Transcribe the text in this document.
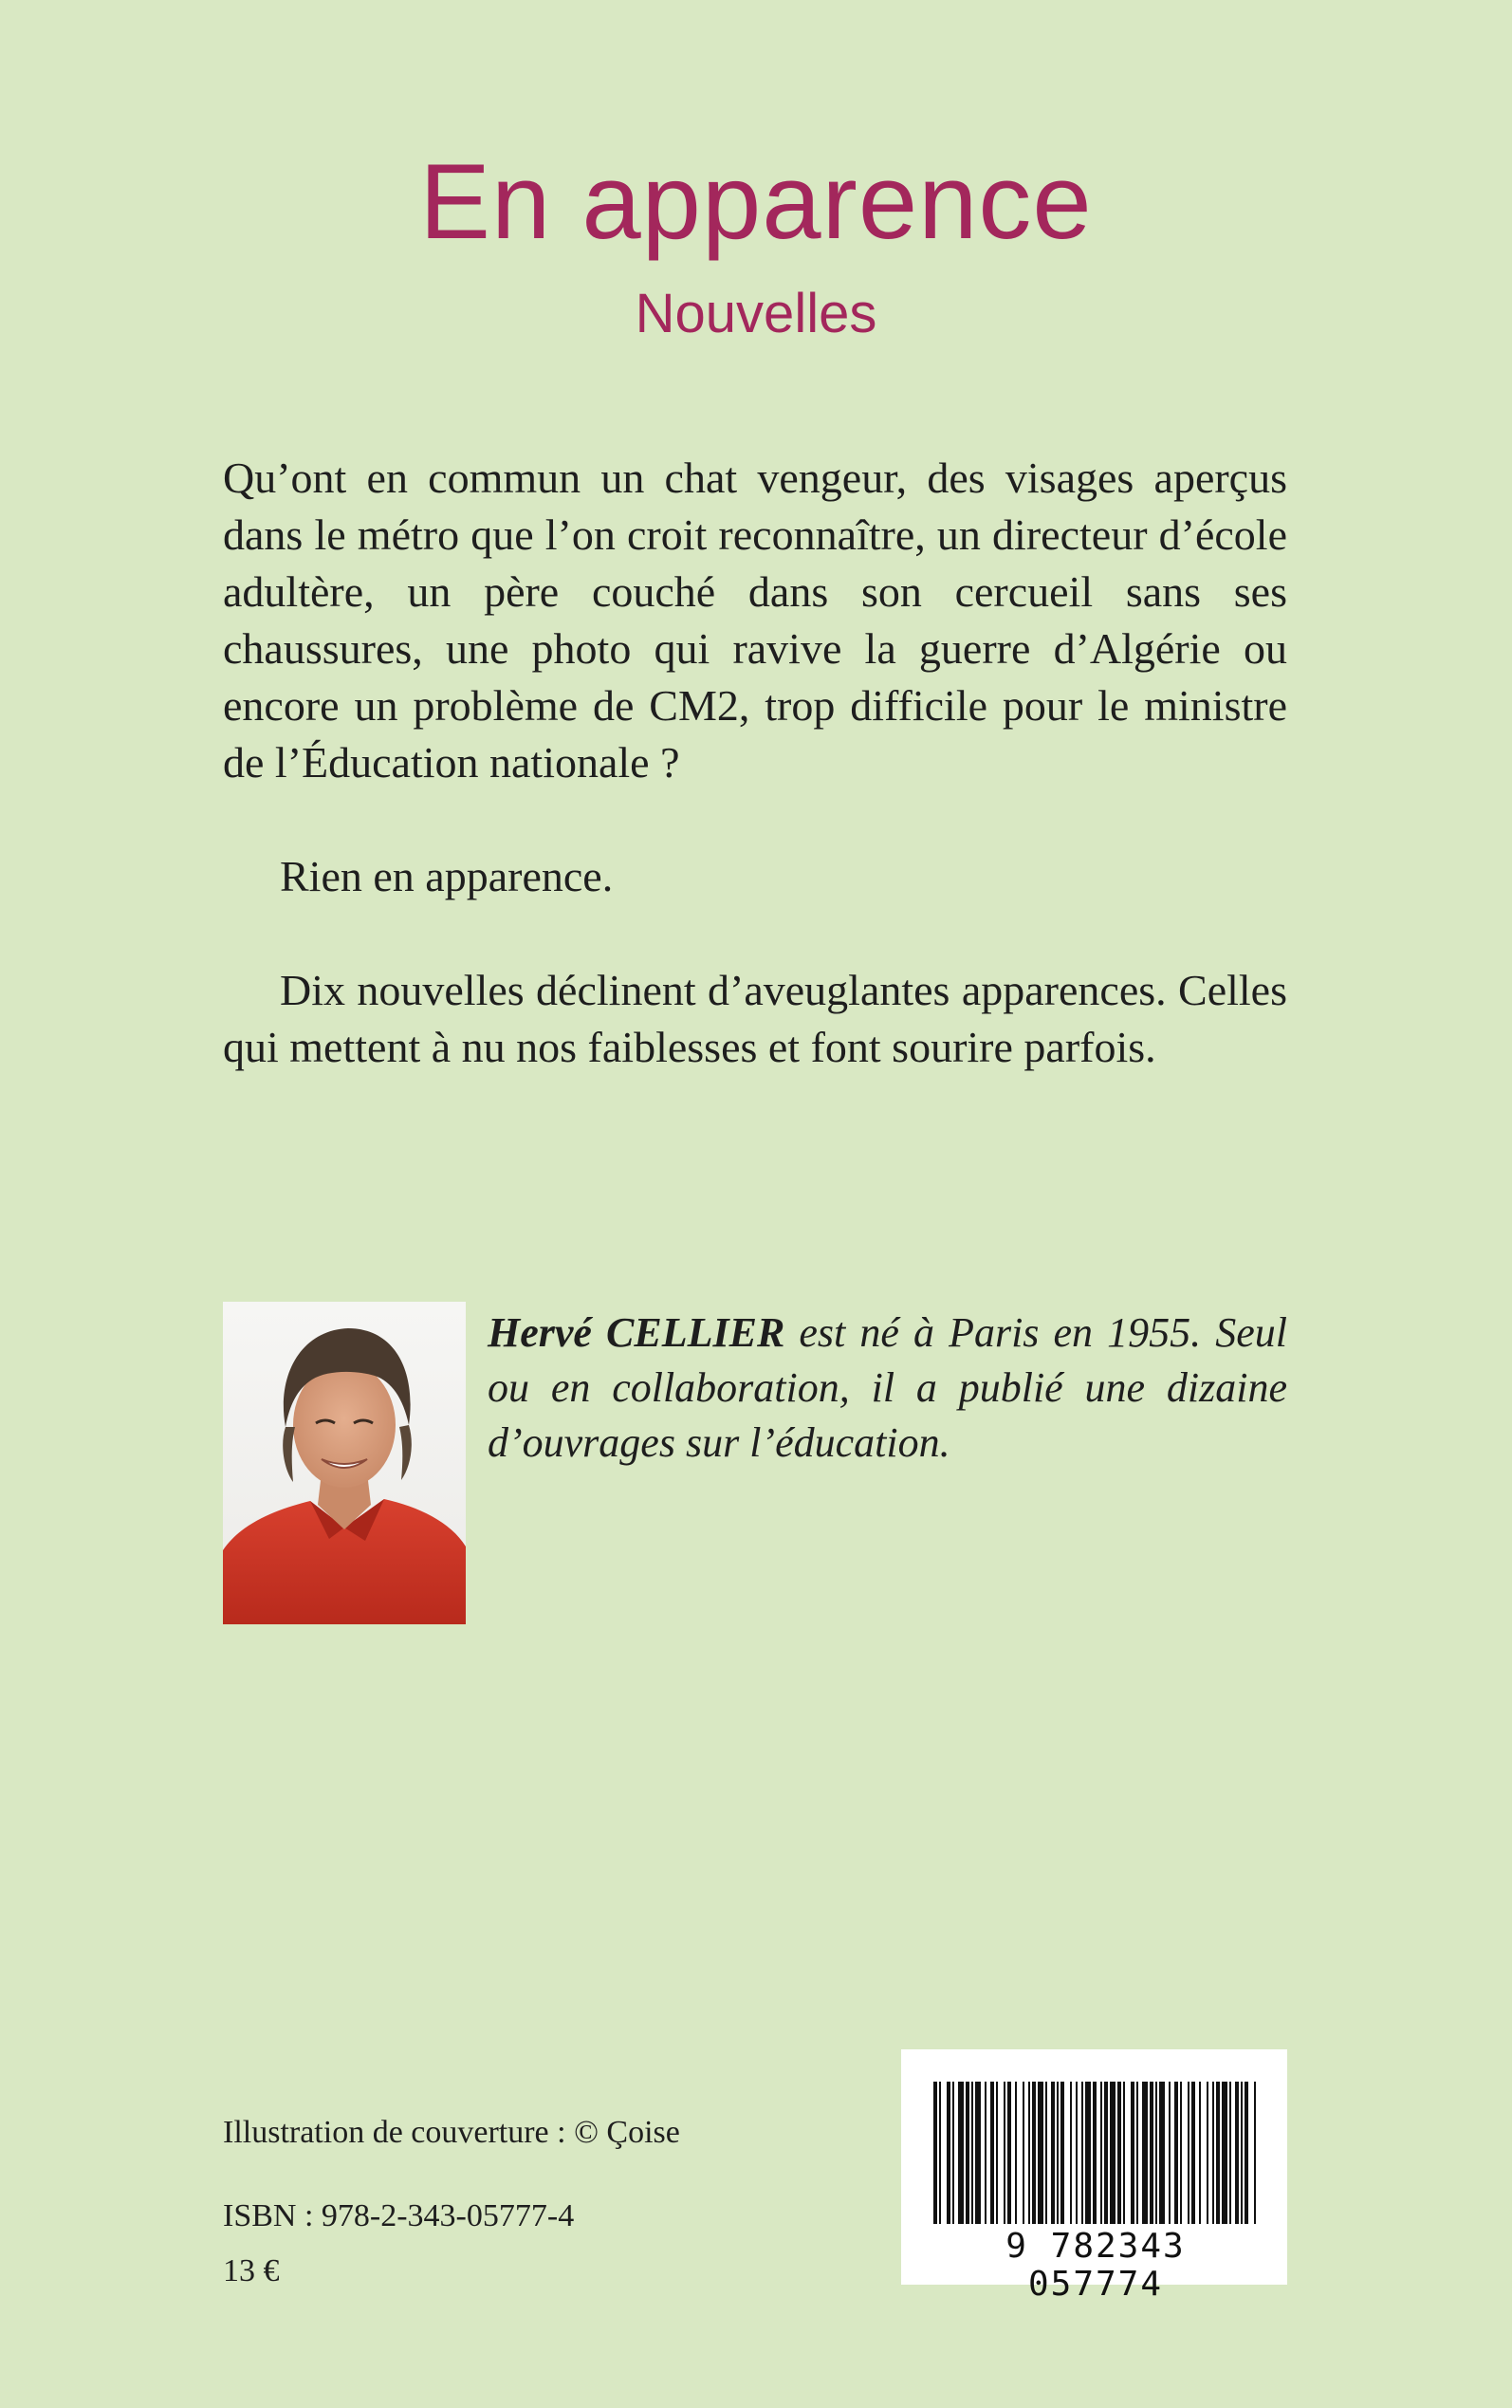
En apparence
Nouvelles

Qu’ont en commun un chat vengeur, des visages aperçus dans le métro que l’on croit reconnaître, un directeur d’école adultère, un père couché dans son cercueil sans ses chaussures, une photo qui ravive la guerre d’Algérie ou encore un problème de CM2, trop difficile pour le ministre de l’Éducation nationale ?

Rien en apparence.

Dix nouvelles déclinent d’aveuglantes apparences. Celles qui mettent à nu nos faiblesses et font sourire parfois.

Hervé CELLIER est né à Paris en 1955. Seul ou en collaboration, il a publié une dizaine d’ouvrages sur l’éducation.

Illustration de couverture : © Çoise

ISBN : 978-2-343-05777-4

13 €

9 782343 057774
